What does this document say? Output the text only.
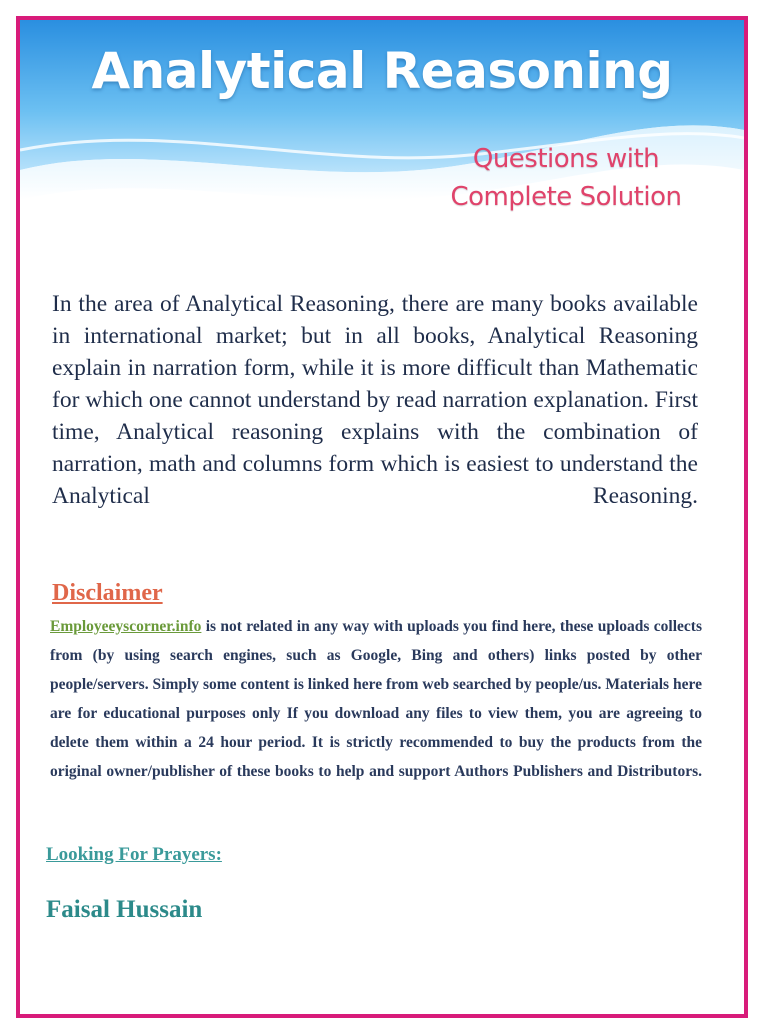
Analytical Reasoning
Questions with
Complete Solution
In the area of Analytical Reasoning, there are many books available in international market; but in all books, Analytical Reasoning explain in narration form, while it is more difficult than Mathematic for which one cannot understand by read narration explanation. First time, Analytical reasoning explains with the combination of narration, math and columns form which is easiest to understand the Analytical Reasoning.
Disclaimer
Employeeyscorner.info is not related in any way with uploads you find here, these uploads collects from (by using search engines, such as Google, Bing and others) links posted by other people/servers. Simply some content is linked here from web searched by people/us. Materials here are for educational purposes only If you download any files to view them, you are agreeing to delete them within a 24 hour period. It is strictly recommended to buy the products from the original owner/publisher of these books to help and support Authors Publishers and Distributors.
Looking For Prayers:
Faisal Hussain
